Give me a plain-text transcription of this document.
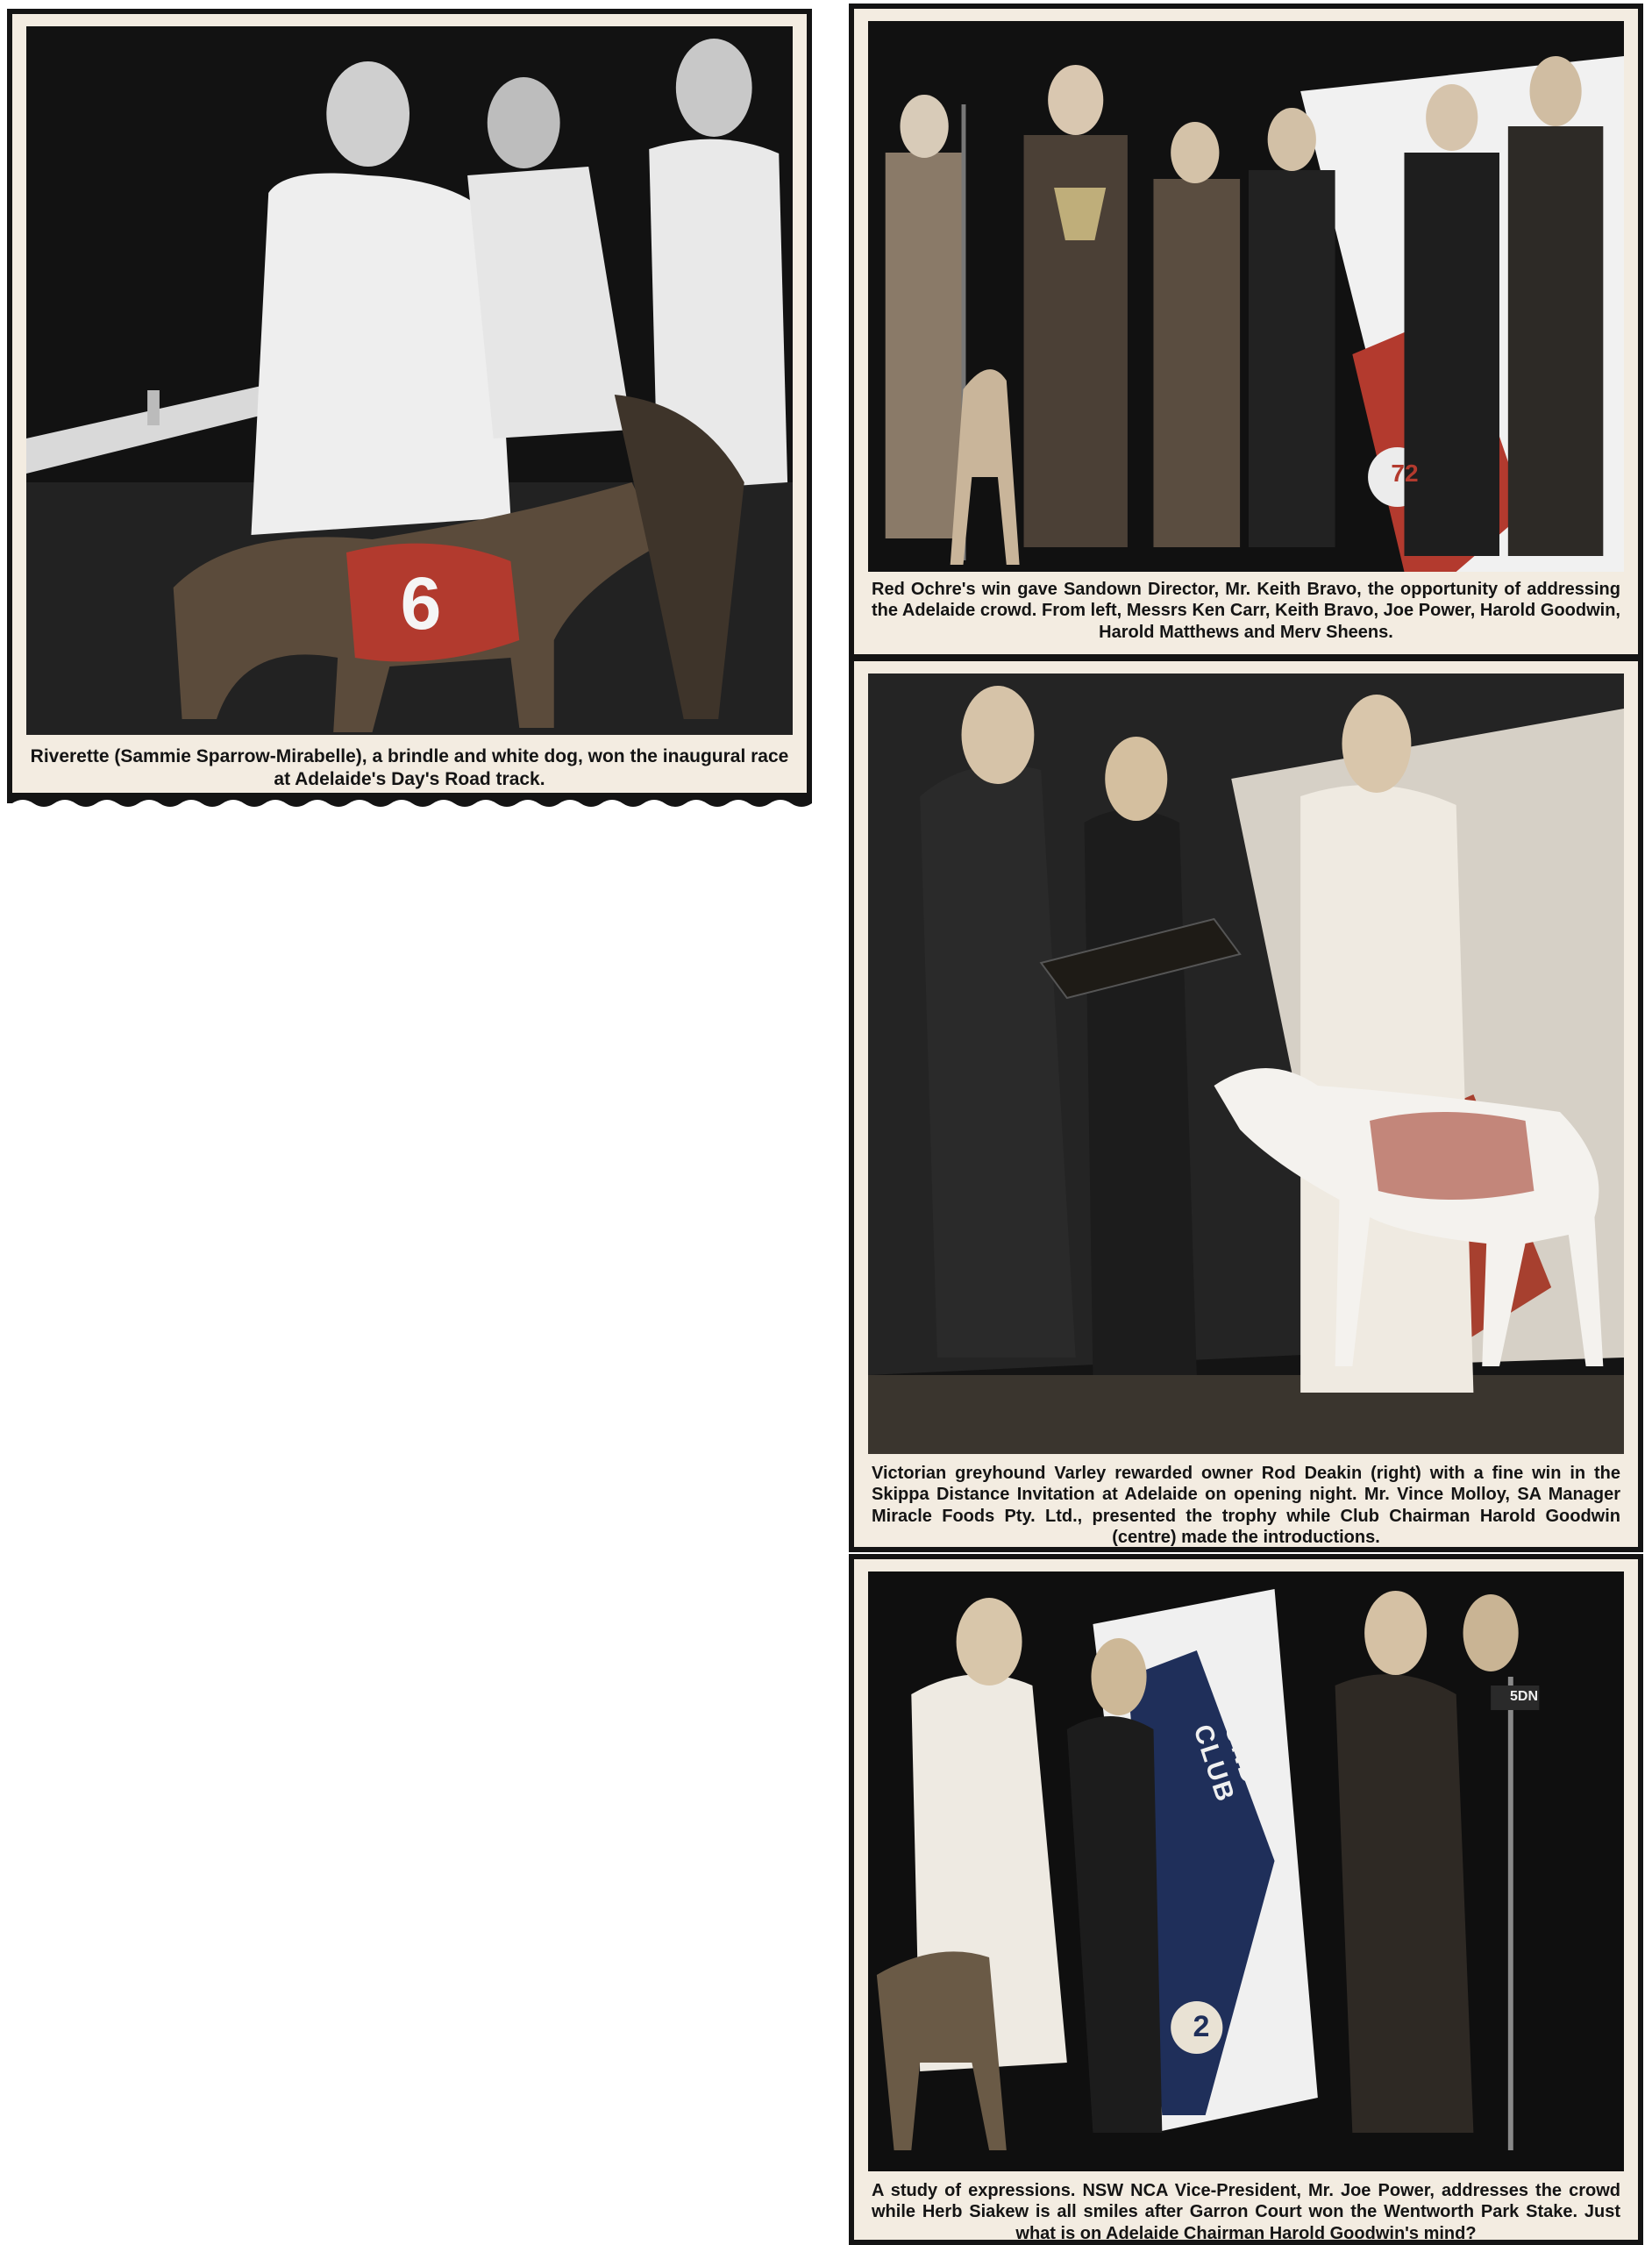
6

Riverette (Sammie Sparrow-Mirabelle), a brindle and white dog, won the inaugural race at Adelaide's Day's Road track.

72

Red Ochre's win gave Sandown Director, Mr. Keith Bravo, the opportunity of addressing the Adelaide crowd. From left, Messrs Ken Carr, Keith Bravo, Joe Power, Harold Goodwin, Harold Matthews and Merv Sheens.

Victorian greyhound Varley rewarded owner Rod Deakin (right) with a fine win in the Skippa Distance Invitation at Adelaide on opening night. Mr. Vince Molloy, SA Manager Miracle Foods Pty. Ltd., presented the trophy while Club Chairman Harold Goodwin (centre) made the introductions.

UND CLUB
2
5DN

A study of expressions. NSW NCA Vice-President, Mr. Joe Power, addresses the crowd while Herb Siakew is all smiles after Garron Court won the Wentworth Park Stake. Just what is on Adelaide Chairman Harold Goodwin's mind?
